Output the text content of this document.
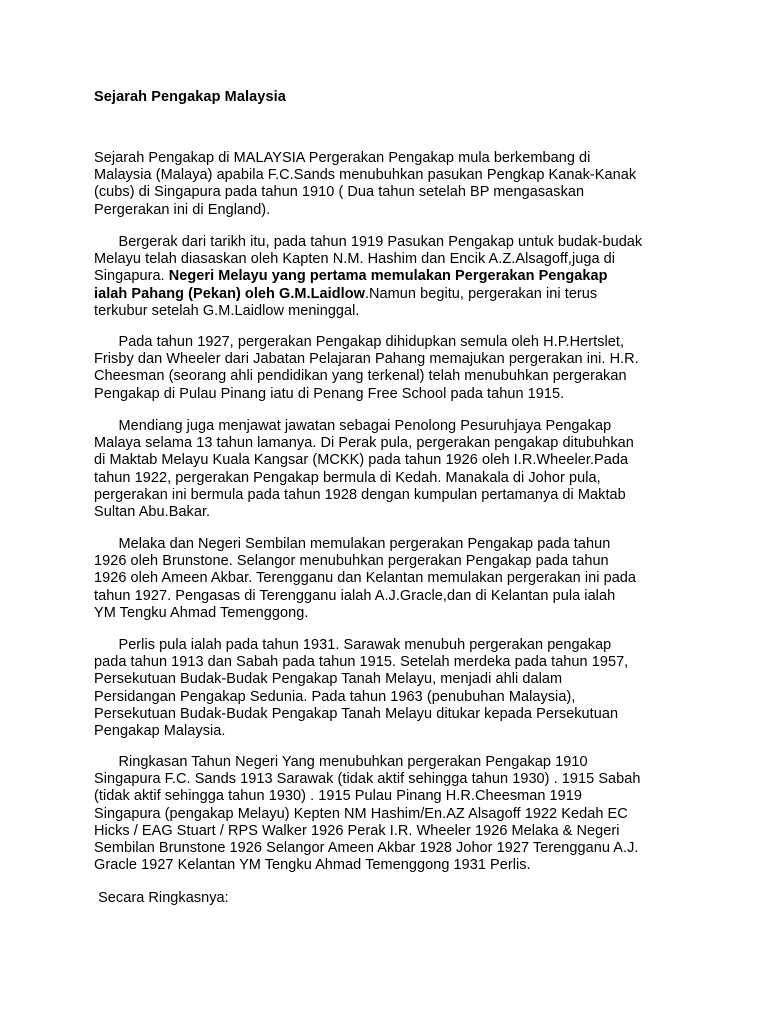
Sejarah Pengakap Malaysia
Sejarah Pengakap di MALAYSIA Pergerakan Pengakap mula berkembang di
Malaysia (Malaya) apabila F.C.Sands menubuhkan pasukan Pengkap Kanak-Kanak
(cubs) di Singapura pada tahun 1910 ( Dua tahun setelah BP mengasaskan
Pergerakan ini di England).
Bergerak dari tarikh itu, pada tahun 1919 Pasukan Pengakap untuk budak-budak
Melayu telah diasaskan oleh Kapten N.M. Hashim dan Encik A.Z.Alsagoff,juga di
Singapura. Negeri Melayu yang pertama memulakan Pergerakan Pengakap
ialah Pahang (Pekan) oleh G.M.Laidlow.Namun begitu, pergerakan ini terus
terkubur setelah G.M.Laidlow meninggal.
Pada tahun 1927, pergerakan Pengakap dihidupkan semula oleh H.P.Hertslet,
Frisby dan Wheeler dari Jabatan Pelajaran Pahang memajukan pergerakan ini. H.R.
Cheesman (seorang ahli pendidikan yang terkenal) telah menubuhkan pergerakan
Pengakap di Pulau Pinang iatu di Penang Free School pada tahun 1915.
Mendiang juga menjawat jawatan sebagai Penolong Pesuruhjaya Pengakap
Malaya selama 13 tahun lamanya. Di Perak pula, pergerakan pengakap ditubuhkan
di Maktab Melayu Kuala Kangsar (MCKK) pada tahun 1926 oleh I.R.Wheeler.Pada
tahun 1922, pergerakan Pengakap bermula di Kedah. Manakala di Johor pula,
pergerakan ini bermula pada tahun 1928 dengan kumpulan pertamanya di Maktab
Sultan Abu.Bakar.
Melaka dan Negeri Sembilan memulakan pergerakan Pengakap pada tahun
1926 oleh Brunstone. Selangor menubuhkan pergerakan Pengakap pada tahun
1926 oleh Ameen Akbar. Terengganu dan Kelantan memulakan pergerakan ini pada
tahun 1927. Pengasas di Terengganu ialah A.J.Gracle,dan di Kelantan pula ialah
YM Tengku Ahmad Temenggong.
Perlis pula ialah pada tahun 1931. Sarawak menubuh pergerakan pengakap
pada tahun 1913 dan Sabah pada tahun 1915. Setelah merdeka pada tahun 1957,
Persekutuan Budak-Budak Pengakap Tanah Melayu, menjadi ahli dalam
Persidangan Pengakap Sedunia. Pada tahun 1963 (penubuhan Malaysia),
Persekutuan Budak-Budak Pengakap Tanah Melayu ditukar kepada Persekutuan
Pengakap Malaysia.
Ringkasan Tahun Negeri Yang menubuhkan pergerakan Pengakap 1910
Singapura F.C. Sands 1913 Sarawak (tidak aktif sehingga tahun 1930) . 1915 Sabah
(tidak aktif sehingga tahun 1930) . 1915 Pulau Pinang H.R.Cheesman 1919
Singapura (pengakap Melayu) Kepten NM Hashim/En.AZ Alsagoff 1922 Kedah EC
Hicks / EAG Stuart / RPS Walker 1926 Perak I.R. Wheeler 1926 Melaka & Negeri
Sembilan Brunstone 1926 Selangor Ameen Akbar 1928 Johor 1927 Terengganu A.J.
Gracle 1927 Kelantan YM Tengku Ahmad Temenggong 1931 Perlis.
Secara Ringkasnya:
